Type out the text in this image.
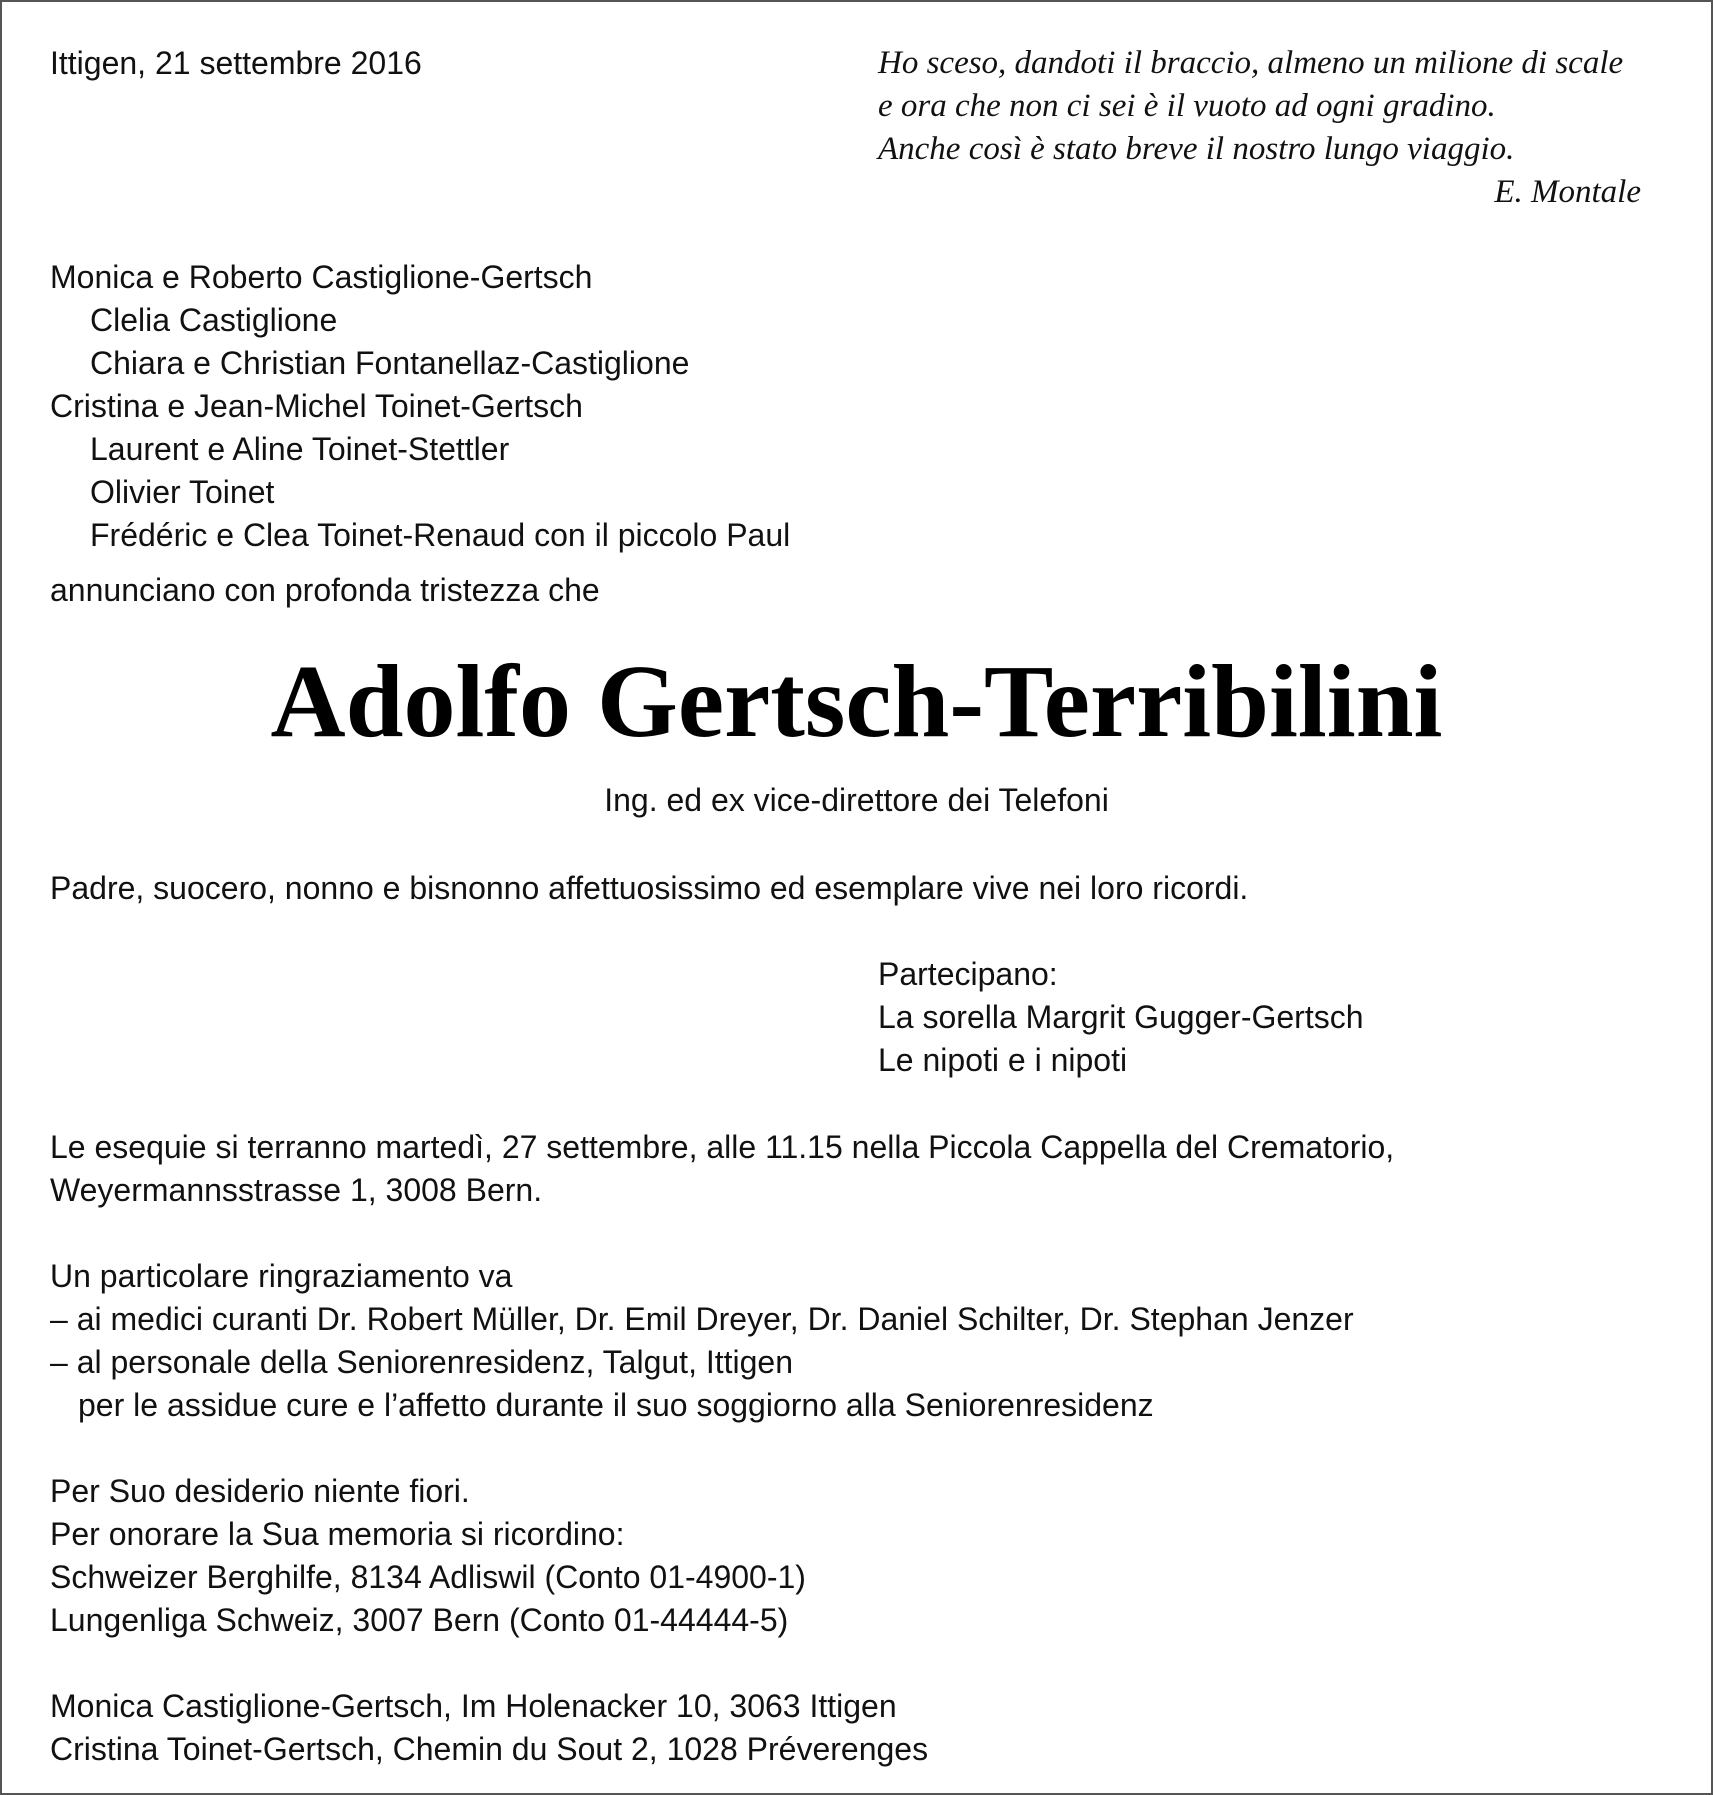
Ittigen, 21 settembre 2016	Ho sceso, dandoti il braccio, almeno un milione di scale
e ora che non ci sei è il vuoto ad ogni gradino.
Anche così è stato breve il nostro lungo viaggio.
E. Montale
Monica e Roberto Castiglione-Gertsch
Clelia Castiglione
Chiara e Christian Fontanellaz-Castiglione
Cristina e Jean-Michel Toinet-Gertsch
Laurent e Aline Toinet-Stettler
Olivier Toinet
Frédéric e Clea Toinet-Renaud con il piccolo Paul

annunciano con profonda tristezza che

Adolfo Gertsch-Terribilini

Ing. ed ex vice-direttore dei Telefoni

Padre, suocero, nonno e bisnonno affettuosissimo ed esemplare vive nei loro ricordi.

Partecipano:
La sorella Margrit Gugger-Gertsch
Le nipoti e i nipoti
Le esequie si terranno martedì, 27 settembre, alle 11.15 nella Piccola Cappella del Crematorio,
Weyermannsstrasse 1, 3008 Bern.
Un particolare ringraziamento va
– ai medici curanti Dr. Robert Müller, Dr. Emil Dreyer, Dr. Daniel Schilter, Dr. Stephan Jenzer
– al personale della Seniorenresidenz, Talgut, Ittigen
per le assidue cure e l’affetto durante il suo soggiorno alla Seniorenresidenz
Per Suo desiderio niente fiori.
Per onorare la Sua memoria si ricordino:
Schweizer Berghilfe, 8134 Adliswil (Conto 01-4900-1)
Lungenliga Schweiz, 3007 Bern (Conto 01-44444-5)
Monica Castiglione-Gertsch, Im Holenacker 10, 3063 Ittigen
Cristina Toinet-Gertsch, Chemin du Sout 2, 1028 Préverenges
